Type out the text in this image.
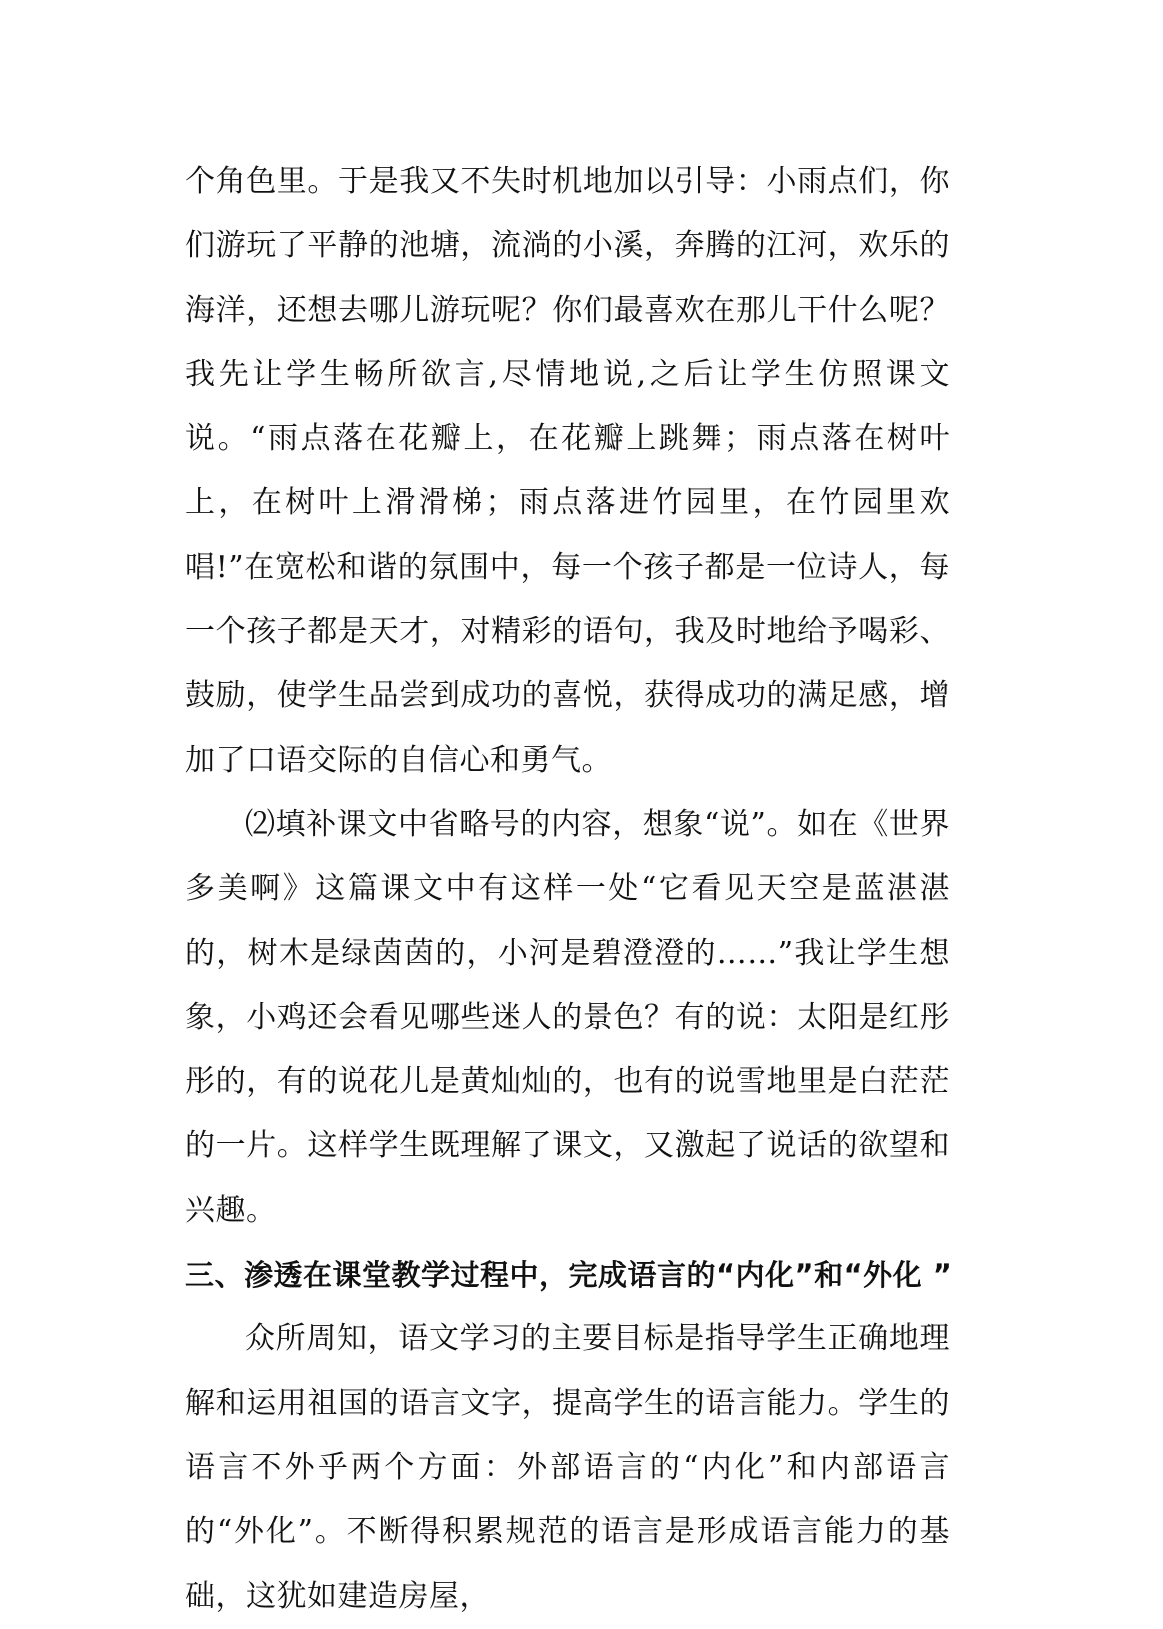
个角色里。于是我又不失时机地加以引导：小雨点们，你们游玩了平静的池塘，流淌的小溪，奔腾的江河，欢乐的海洋，还想去哪儿游玩呢？你们最喜欢在那儿干什么呢？我先让学生畅所欲言,尽情地说,之后让学生仿照课文说。“雨点落在花瓣上，在花瓣上跳舞；雨点落在树叶上，在树叶上滑滑梯；雨点落进竹园里，在竹园里欢唱!”在宽松和谐的氛围中，每一个孩子都是一位诗人，每一个孩子都是天才，对精彩的语句，我及时地给予喝彩、鼓励，使学生品尝到成功的喜悦，获得成功的满足感，增加了口语交际的自信心和勇气。

⑵填补课文中省略号的内容，想象“说”。如在《世界多美啊》这篇课文中有这样一处“它看见天空是蓝湛湛的，树木是绿茵茵的，小河是碧澄澄的……”我让学生想象，小鸡还会看见哪些迷人的景色？有的说：太阳是红彤彤的，有的说花儿是黄灿灿的，也有的说雪地里是白茫茫的一片。这样学生既理解了课文，又激起了说话的欲望和兴趣。

三、渗透在课堂教学过程中，完成语言的“内化”和“外化 ”

众所周知，语文学习的主要目标是指导学生正确地理解和运用祖国的语言文字，提高学生的语言能力。学生的语言不外乎两个方面：外部语言的“内化”和内部语言的“外化”。不断得积累规范的语言是形成语言能力的基础，这犹如建造房屋，
